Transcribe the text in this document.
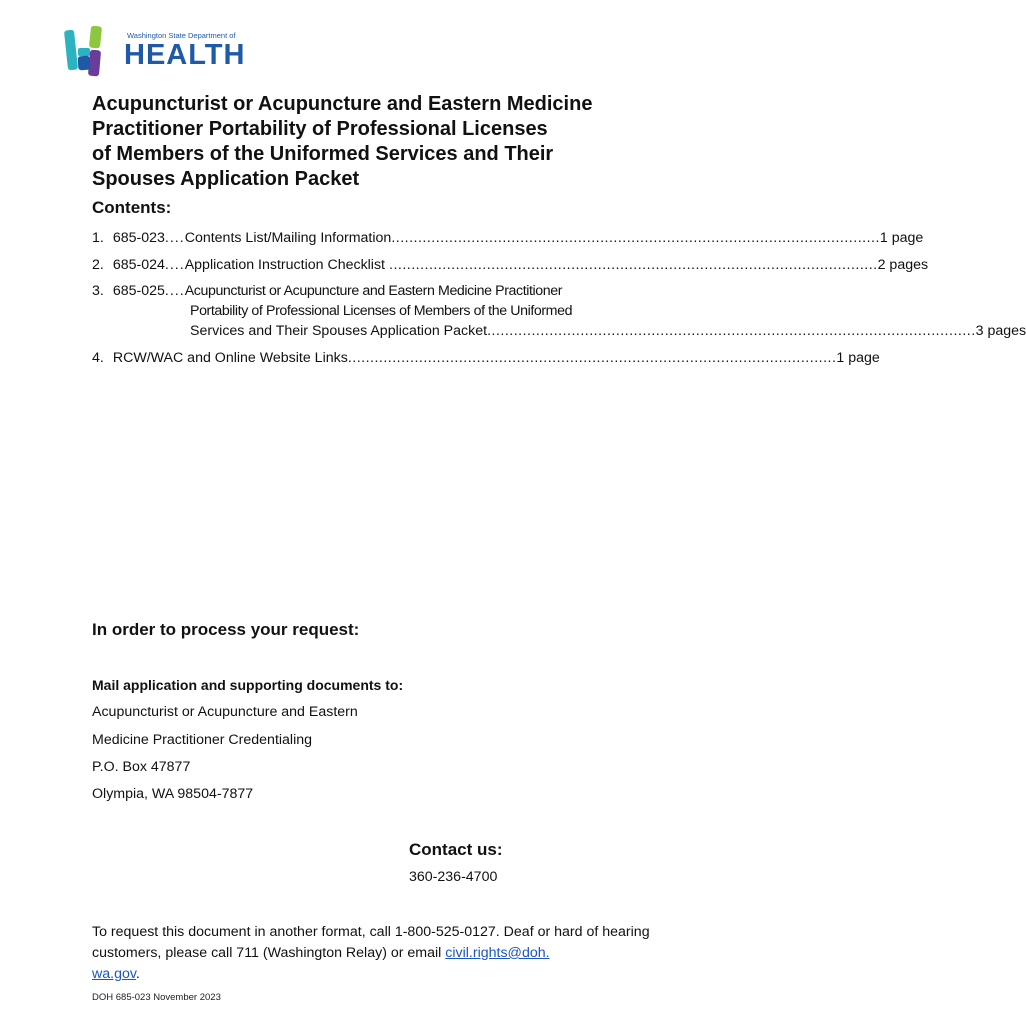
Washington State Department of
HEALTH
Acupuncturist or Acupuncture and Eastern Medicine
Practitioner Portability of Professional Licenses
of Members of the Uniformed Services and Their
Spouses Application Packet
Contents:
1. 685-023 .... Contents List/Mailing Information .............................................................................................................. 1 page
2. 685-024 .... Application Instruction Checklist .............................................................................................................. 2 pages
3. 685-025 .... Acupuncturist or Acupuncture and Eastern Medicine Practitioner
Portability of Professional Licenses of Members of the Uniformed
Services and Their Spouses Application Packet .............................................................................................................. 3 pages
4. RCW/WAC and Online Website Links .............................................................................................................. 1 page
In order to process your request:
Mail application and supporting documents to:
Acupuncturist or Acupuncture and Eastern
Medicine Practitioner Credentialing
P.O. Box 47877
Olympia, WA 98504-7877
Contact us:
360-236-4700
To request this document in another format, call 1-800-525-0127. Deaf or hard of hearing customers, please call 711 (Washington Relay) or email civil.rights@doh.
wa.gov.
DOH 685-023 November 2023
